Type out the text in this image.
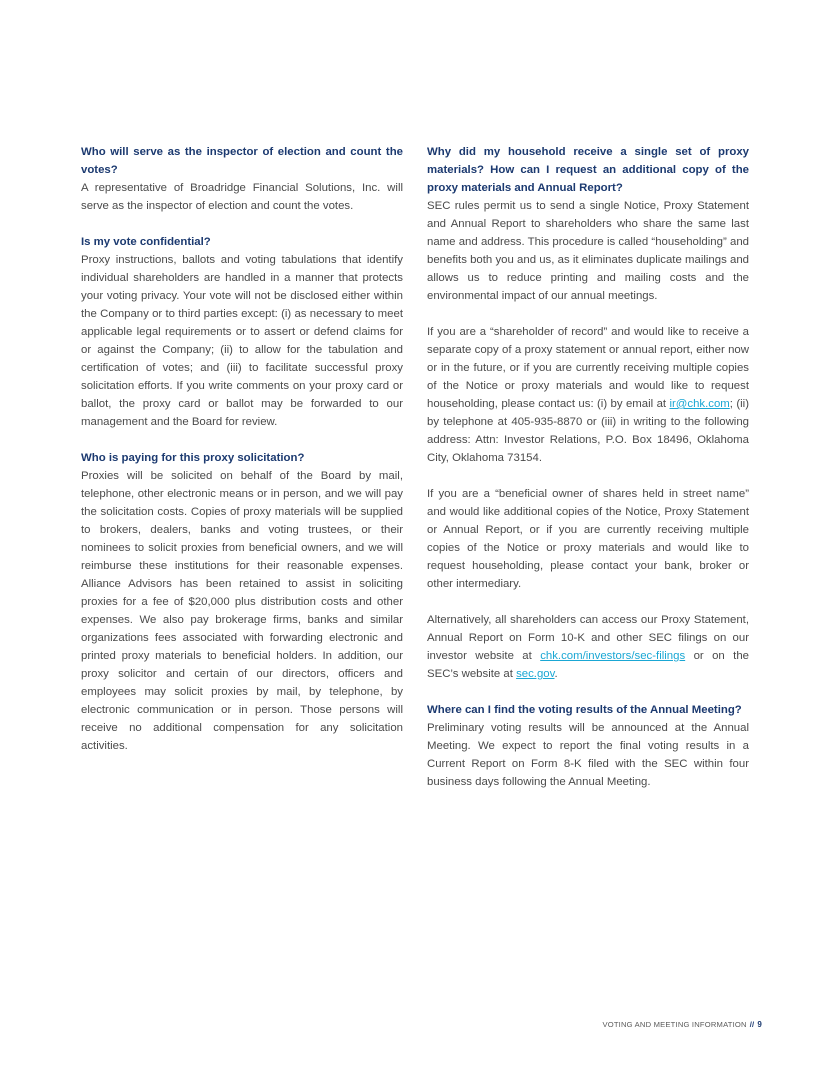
Who will serve as the inspector of election and count the votes?

A representative of Broadridge Financial Solutions, Inc. will serve as the inspector of election and count the votes.

Is my vote confidential?

Proxy instructions, ballots and voting tabulations that identify individual shareholders are handled in a manner that protects your voting privacy. Your vote will not be disclosed either within the Company or to third parties except: (i) as necessary to meet applicable legal requirements or to assert or defend claims for or against the Company; (ii) to allow for the tabulation and certification of votes; and (iii) to facilitate successful proxy solicitation efforts. If you write comments on your proxy card or ballot, the proxy card or ballot may be forwarded to our management and the Board for review.

Who is paying for this proxy solicitation?

Proxies will be solicited on behalf of the Board by mail, telephone, other electronic means or in person, and we will pay the solicitation costs. Copies of proxy materials will be supplied to brokers, dealers, banks and voting trustees, or their nominees to solicit proxies from beneficial owners, and we will reimburse these institutions for their reasonable expenses. Alliance Advisors has been retained to assist in soliciting proxies for a fee of $20,000 plus distribution costs and other expenses. We also pay brokerage firms, banks and similar organizations fees associated with forwarding electronic and printed proxy materials to beneficial holders. In addition, our proxy solicitor and certain of our directors, officers and employees may solicit proxies by mail, by telephone, by electronic communication or in person. Those persons will receive no additional compensation for any solicitation activities.

Why did my household receive a single set of proxy materials? How can I request an additional copy of the proxy materials and Annual Report?

SEC rules permit us to send a single Notice, Proxy Statement and Annual Report to shareholders who share the same last name and address. This procedure is called “householding” and benefits both you and us, as it eliminates duplicate mailings and allows us to reduce printing and mailing costs and the environmental impact of our annual meetings.

If you are a “shareholder of record” and would like to receive a separate copy of a proxy statement or annual report, either now or in the future, or if you are currently receiving multiple copies of the Notice or proxy materials and would like to request householding, please contact us: (i) by email at ir@chk.com; (ii) by telephone at 405-935-8870 or (iii) in writing to the following address: Attn: Investor Relations, P.O. Box 18496, Oklahoma City, Oklahoma 73154.

If you are a “beneficial owner of shares held in street name” and would like additional copies of the Notice, Proxy Statement or Annual Report, or if you are currently receiving multiple copies of the Notice or proxy materials and would like to request householding, please contact your bank, broker or other intermediary.

Alternatively, all shareholders can access our Proxy Statement, Annual Report on Form 10-K and other SEC filings on our investor website at chk.com/investors/sec-filings or on the SEC’s website at sec.gov.

Where can I find the voting results of the Annual Meeting?

Preliminary voting results will be announced at the Annual Meeting. We expect to report the final voting results in a Current Report on Form 8-K filed with the SEC within four business days following the Annual Meeting.

VOTING AND MEETING INFORMATION // 9
